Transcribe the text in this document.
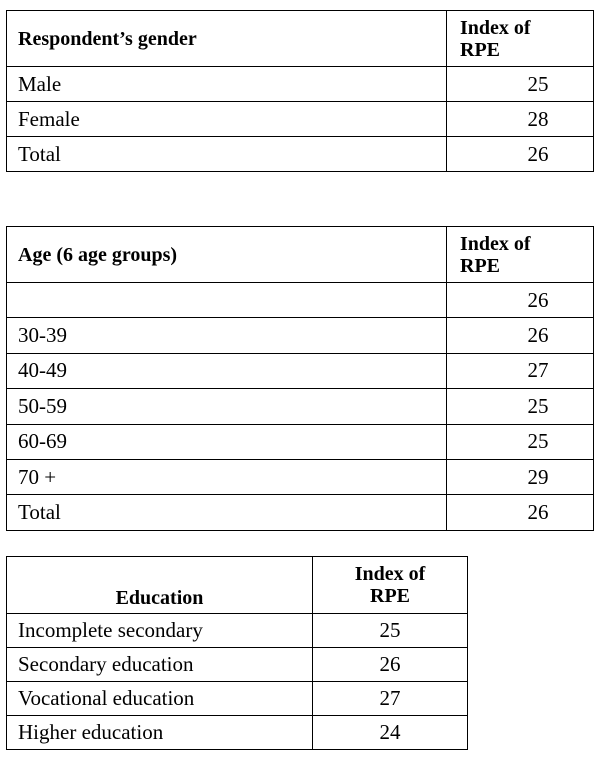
Respondent’s gender	Index of
RPE
Male	25
Female	28
Total	26
Age (6 age groups)	Index of
RPE
	26
30-39	26
40-49	27
50-59	25
60-69	25
70 +	29
Total	26
Education	Index of
RPE
Incomplete secondary	25
Secondary education	26
Vocational education	27
Higher education	24
